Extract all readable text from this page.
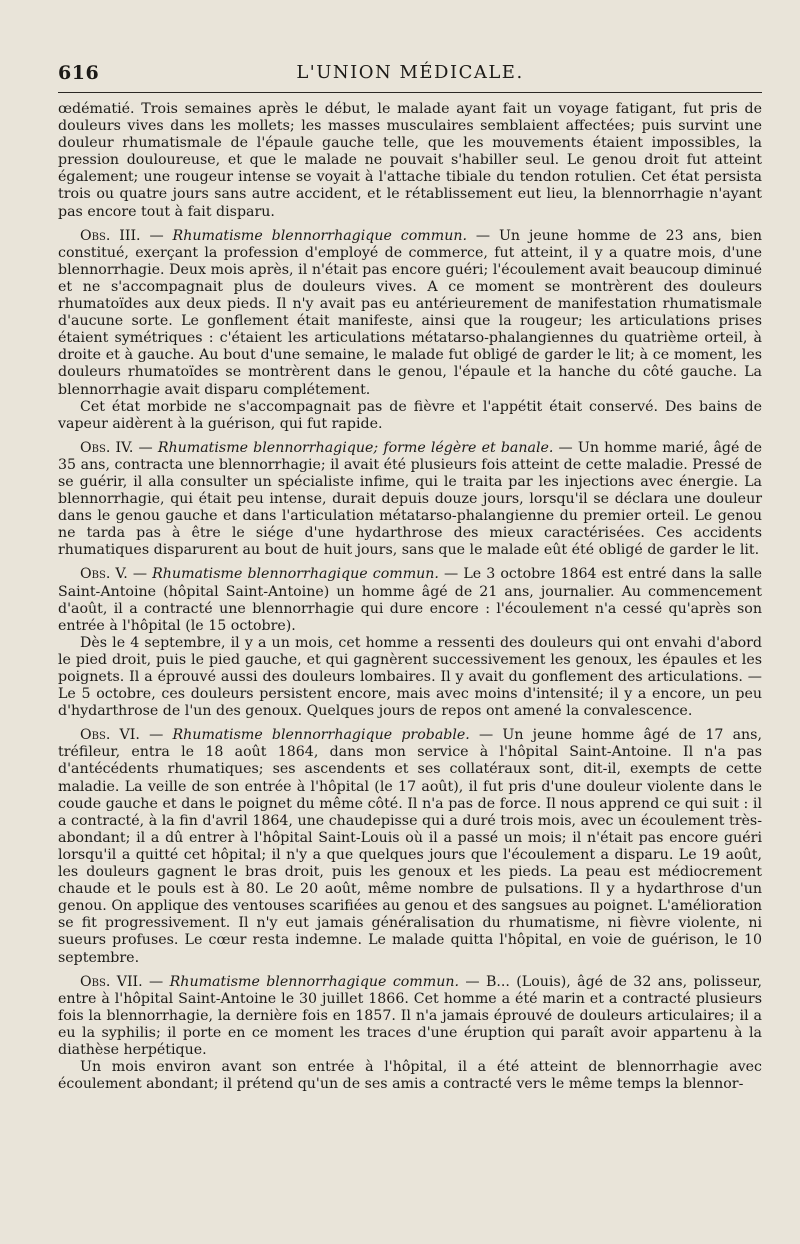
616	L'UNION MÉDICALE.

œdématié. Trois semaines après le début, le malade ayant fait un voyage fatigant, fut pris de douleurs vives dans les mollets; les masses musculaires semblaient affectées; puis survint une douleur rhumatismale de l'épaule gauche telle, que les mouvements étaient impossibles, la pression douloureuse, et que le malade ne pouvait s'habiller seul. Le genou droit fut atteint également; une rougeur intense se voyait à l'attache tibiale du tendon rotulien. Cet état persista trois ou quatre jours sans autre accident, et le rétablissement eut lieu, la blennorrhagie n'ayant pas encore tout à fait disparu.

Obs. III. — Rhumatisme blennorrhagique commun. — Un jeune homme de 23 ans, bien constitué, exerçant la profession d'employé de commerce, fut atteint, il y a quatre mois, d'une blennorrhagie. Deux mois après, il n'était pas encore guéri; l'écoulement avait beaucoup diminué et ne s'accompagnait plus de douleurs vives. A ce moment se montrèrent des douleurs rhumatoïdes aux deux pieds. Il n'y avait pas eu antérieurement de manifestation rhumatismale d'aucune sorte. Le gonflement était manifeste, ainsi que la rougeur; les articulations prises étaient symétriques : c'étaient les articulations métatarso-phalangiennes du quatrième orteil, à droite et à gauche. Au bout d'une semaine, le malade fut obligé de garder le lit; à ce moment, les douleurs rhumatoïdes se montrèrent dans le genou, l'épaule et la hanche du côté gauche. La blennorrhagie avait disparu complétement.

Cet état morbide ne s'accompagnait pas de fièvre et l'appétit était conservé. Des bains de vapeur aidèrent à la guérison, qui fut rapide.

Obs. IV. — Rhumatisme blennorrhagique; forme légère et banale. — Un homme marié, âgé de 35 ans, contracta une blennorrhagie; il avait été plusieurs fois atteint de cette maladie. Pressé de se guérir, il alla consulter un spécialiste infime, qui le traita par les injections avec énergie. La blennorrhagie, qui était peu intense, durait depuis douze jours, lorsqu'il se déclara une douleur dans le genou gauche et dans l'articulation métatarso-phalangienne du premier orteil. Le genou ne tarda pas à être le siége d'une hydarthrose des mieux caractérisées. Ces accidents rhumatiques disparurent au bout de huit jours, sans que le malade eût été obligé de garder le lit.

Obs. V. — Rhumatisme blennorrhagique commun. — Le 3 octobre 1864 est entré dans la salle Saint-Antoine (hôpital Saint-Antoine) un homme âgé de 21 ans, journalier. Au commencement d'août, il a contracté une blennorrhagie qui dure encore : l'écoulement n'a cessé qu'après son entrée à l'hôpital (le 15 octobre).

Dès le 4 septembre, il y a un mois, cet homme a ressenti des douleurs qui ont envahi d'abord le pied droit, puis le pied gauche, et qui gagnèrent successivement les genoux, les épaules et les poignets. Il a éprouvé aussi des douleurs lombaires. Il y avait du gonflement des articulations. — Le 5 octobre, ces douleurs persistent encore, mais avec moins d'intensité; il y a encore, un peu d'hydarthrose de l'un des genoux. Quelques jours de repos ont amené la convalescence.

Obs. VI. — Rhumatisme blennorrhagique probable. — Un jeune homme âgé de 17 ans, tréfileur, entra le 18 août 1864, dans mon service à l'hôpital Saint-Antoine. Il n'a pas d'antécédents rhumatiques; ses ascendents et ses collatéraux sont, dit-il, exempts de cette maladie. La veille de son entrée à l'hôpital (le 17 août), il fut pris d'une douleur violente dans le coude gauche et dans le poignet du même côté. Il n'a pas de force. Il nous apprend ce qui suit : il a contracté, à la fin d'avril 1864, une chaudepisse qui a duré trois mois, avec un écoulement très-abondant; il a dû entrer à l'hôpital Saint-Louis où il a passé un mois; il n'était pas encore guéri lorsqu'il a quitté cet hôpital; il n'y a que quelques jours que l'écoulement a disparu. Le 19 août, les douleurs gagnent le bras droit, puis les genoux et les pieds. La peau est médiocrement chaude et le pouls est à 80. Le 20 août, même nombre de pulsations. Il y a hydarthrose d'un genou. On applique des ventouses scarifiées au genou et des sangsues au poignet. L'amélioration se fit progressivement. Il n'y eut jamais généralisation du rhumatisme, ni fièvre violente, ni sueurs profuses. Le cœur resta indemne. Le malade quitta l'hôpital, en voie de guérison, le 10 septembre.

Obs. VII. — Rhumatisme blennorrhagique commun. — B... (Louis), âgé de 32 ans, polisseur, entre à l'hôpital Saint-Antoine le 30 juillet 1866. Cet homme a été marin et a contracté plusieurs fois la blennorrhagie, la dernière fois en 1857. Il n'a jamais éprouvé de douleurs articulaires; il a eu la syphilis; il porte en ce moment les traces d'une éruption qui paraît avoir appartenu à la diathèse herpétique.

Un mois environ avant son entrée à l'hôpital, il a été atteint de blennorrhagie avec écoulement abondant; il prétend qu'un de ses amis a contracté vers le même temps la blennor-
